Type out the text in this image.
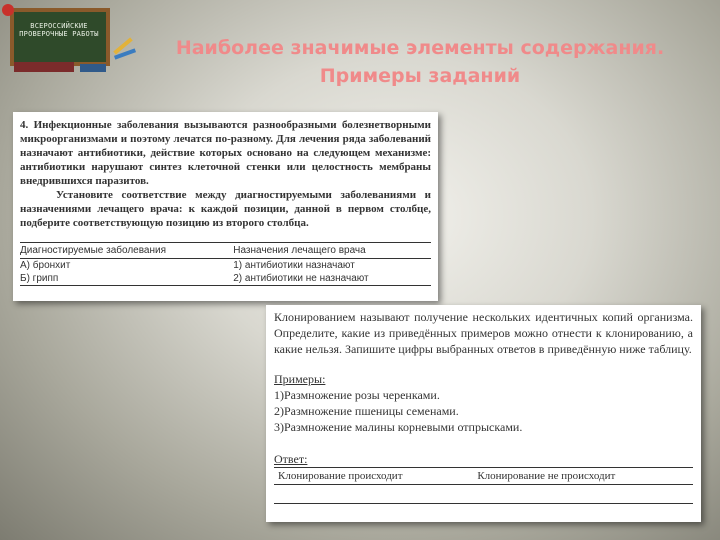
ВСЕРОССИЙСКИЕ ПРОВЕРОЧНЫЕ РАБОТЫ
Наиболее значимые элементы содержания.
Примеры заданий

4. Инфекционные заболевания вызываются разнообразными болезнетворными микроорганизмами и поэтому лечатся по-разному. Для лечения ряда заболеваний назначают антибиотики, действие которых основано на следующем механизме: антибиотики нарушают синтез клеточной стенки или целостность мембраны внедрившихся паразитов.

Установите соответствие между диагностируемыми заболеваниями и назначениями лечащего врача: к каждой позиции, данной в первом столбце, подберите соответствующую позицию из второго столбца.

Диагностируемые заболевания	Назначения лечащего врача
А) бронхит	1) антибиотики назначают
Б) грипп	2) антибиотики не назначают

Клонированием называют получение нескольких идентичных копий организма. Определите, какие из приведённых примеров можно отнести к клонированию, а какие нельзя. Запишите цифры выбранных ответов в приведённую ниже таблицу.

Примеры:

1)Размножение розы черенками.

2)Размножение пшеницы семенами.

3)Размножение малины корневыми отпрысками.

Ответ:

Клонирование происходит	Клонирование не происходит
